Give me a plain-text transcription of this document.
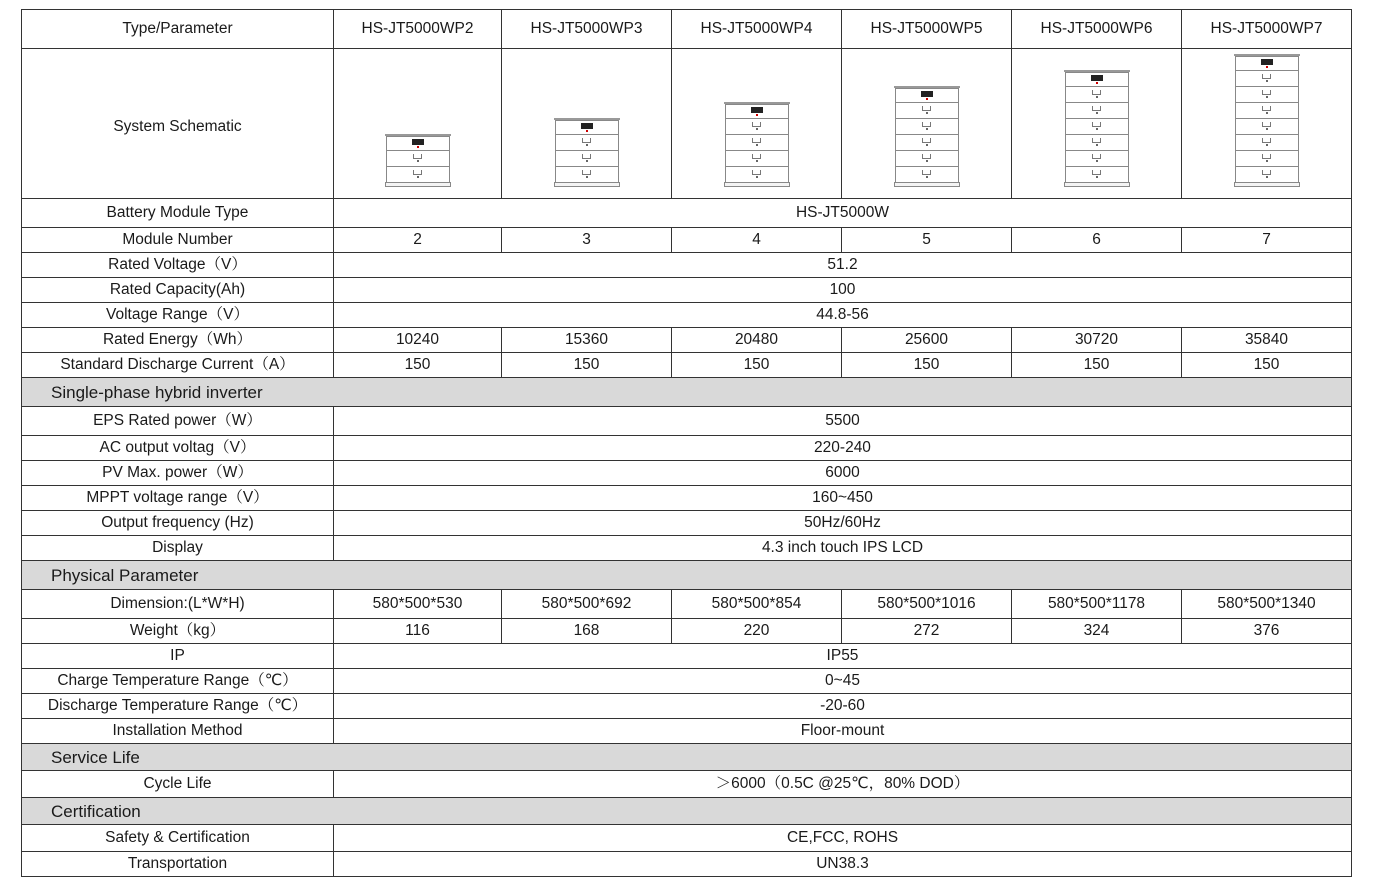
Type/Parameter	HS-JT5000WP2	HS-JT5000WP3	HS-JT5000WP4	HS-JT5000WP5	HS-JT5000WP6	HS-JT5000WP7
System Schematic	

Battery Module Type	HS-JT5000W					
Module Number	2	3	4	5	6	7
Rated Voltage（V）	51.2					
Rated Capacity(Ah)	100					
Voltage Range（V）	44.8-56					
Rated Energy（Wh）	10240	15360	20480	25600	30720	35840
Standard Discharge Current（A）	150	150	150	150	150	150
Single-phase hybrid inverter						
EPS Rated power（W）	5500					
AC output voltag（V）	220-240					
PV Max. power（W）	6000					
MPPT voltage range（V）	160~450					
Output frequency (Hz)	50Hz/60Hz					
Display	4.3 inch touch IPS LCD					
Physical Parameter						
Dimension:(L*W*H)	580*500*530	580*500*692	580*500*854	580*500*1016	580*500*1178	580*500*1340
Weight（kg）	116	168	220	272	324	376
IP	IP55					
Charge Temperature Range（℃）	0~45					
Discharge Temperature Range（℃）	-20-60					
Installation Method	Floor-mount					
Service Life						
Cycle Life	＞6000（0.5C @25℃，80% DOD）					
Certification						
Safety & Certification	CE,FCC, ROHS					
Transportation	UN38.3					
